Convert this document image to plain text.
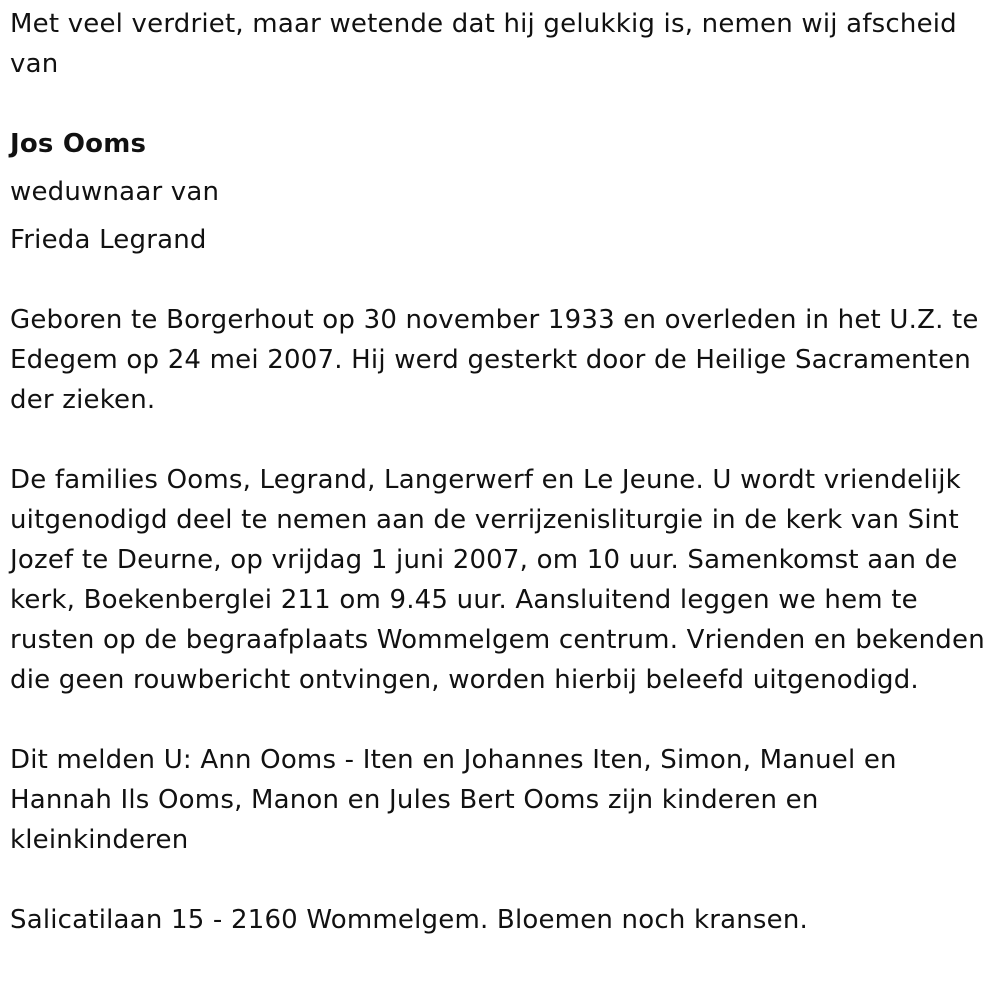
Met veel verdriet, maar wetende dat hij gelukkig is, nemen wij afscheid van

Jos Ooms

weduwnaar van

Frieda Legrand

Geboren te Borgerhout op 30 november 1933 en overleden in het U.Z. te Edegem op 24 mei 2007. Hij werd gesterkt door de Heilige Sacramenten der zieken.

De families Ooms, Legrand, Langerwerf en Le Jeune. U wordt vriendelijk uitgenodigd deel te nemen aan de verrijzenisliturgie in de kerk van Sint Jozef te Deurne, op vrijdag 1 juni 2007, om 10 uur. Samenkomst aan de kerk, Boekenberglei 211 om 9.45 uur. Aansluitend leggen we hem te rusten op de begraafplaats Wommelgem centrum. Vrienden en bekenden die geen rouwbericht ontvingen, worden hierbij beleefd uitgenodigd.

Dit melden U: Ann Ooms - Iten en Johannes Iten, Simon, Manuel en Hannah Ils Ooms, Manon en Jules Bert Ooms zijn kinderen en kleinkinderen

Salicatilaan 15 - 2160 Wommelgem. Bloemen noch kransen.
